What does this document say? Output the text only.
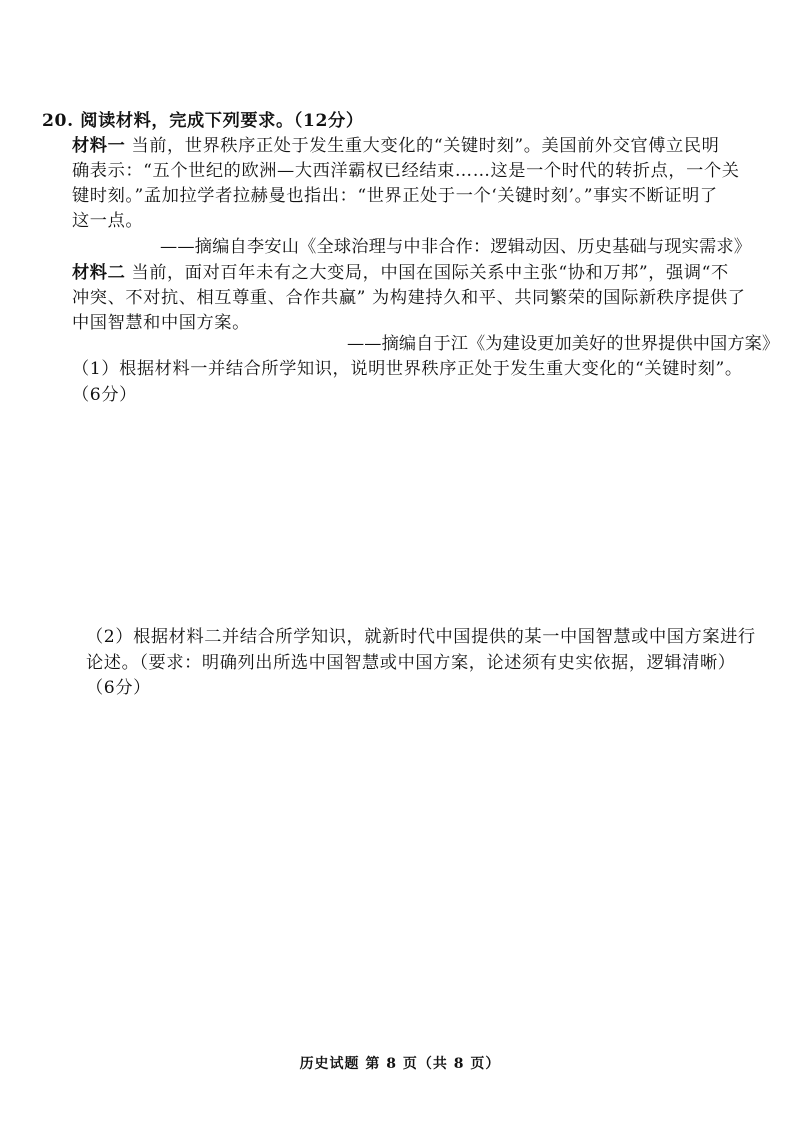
20. 阅读材料，完成下列要求。（12分）
材料一 当前，世界秩序正处于发生重大变化的“关键时刻”。美国前外交官傅立民明
确表示：“五个世纪的欧洲—大西洋霸权已经结束……这是一个时代的转折点，一个关
键时刻。”孟加拉学者拉赫曼也指出：“世界正处于一个‘关键时刻’。”事实不断证明了
这一点。
——摘编自李安山《全球治理与中非合作：逻辑动因、历史基础与现实需求》
材料二 当前，面对百年未有之大变局，中国在国际关系中主张“协和万邦”，强调“不
冲突、不对抗、相互尊重、合作共赢” 为构建持久和平、共同繁荣的国际新秩序提供了
中国智慧和中国方案。
——摘编自于江《为建设更加美好的世界提供中国方案》
（1）根据材料一并结合所学知识，说明世界秩序正处于发生重大变化的“关键时刻”。
（6分）
（2）根据材料二并结合所学知识，就新时代中国提供的某一中国智慧或中国方案进行
论述。（要求：明确列出所选中国智慧或中国方案，论述须有史实依据，逻辑清晰）
（6分）
历史试题 第 8 页（共 8 页）
